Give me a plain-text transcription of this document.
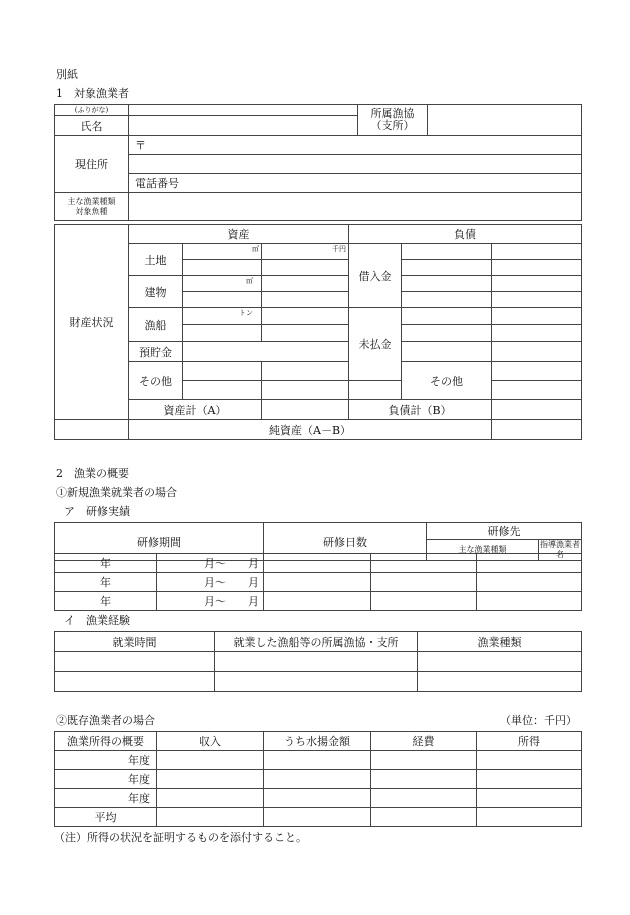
別紙
1　対象漁業者
(ふりがな)		所属漁協
（支所）	
氏名			
現住所	〒		

	電話番号		
主な漁業種類
対象魚種			
財産状況	資産			負債			
	土地	㎡	千円	借入金			

	建物	㎡					

	漁船	トン		未払金			

	預貯金						
	その他				その他		

	資産計（A）			負債計（B）			
	純資産（A－B）						
2　漁業の概要
①新規漁業就業者の場合
ア　研修実績
研修期間	研修日数	研修先	
		主な漁業種類	指導漁業者名
年	月～　　 月			
年	月～　　 月			
年	月～　　 月			
イ　漁業経験
就業時間	就業した漁船等の所属漁協・支所	漁業種類

②既存漁業者の場合	（単位：千円）
漁業所得の概要	収入	うち水揚金額	経費	所得
年度				
年度				
年度				
平均				
（注）所得の状況を証明するものを添付すること。
